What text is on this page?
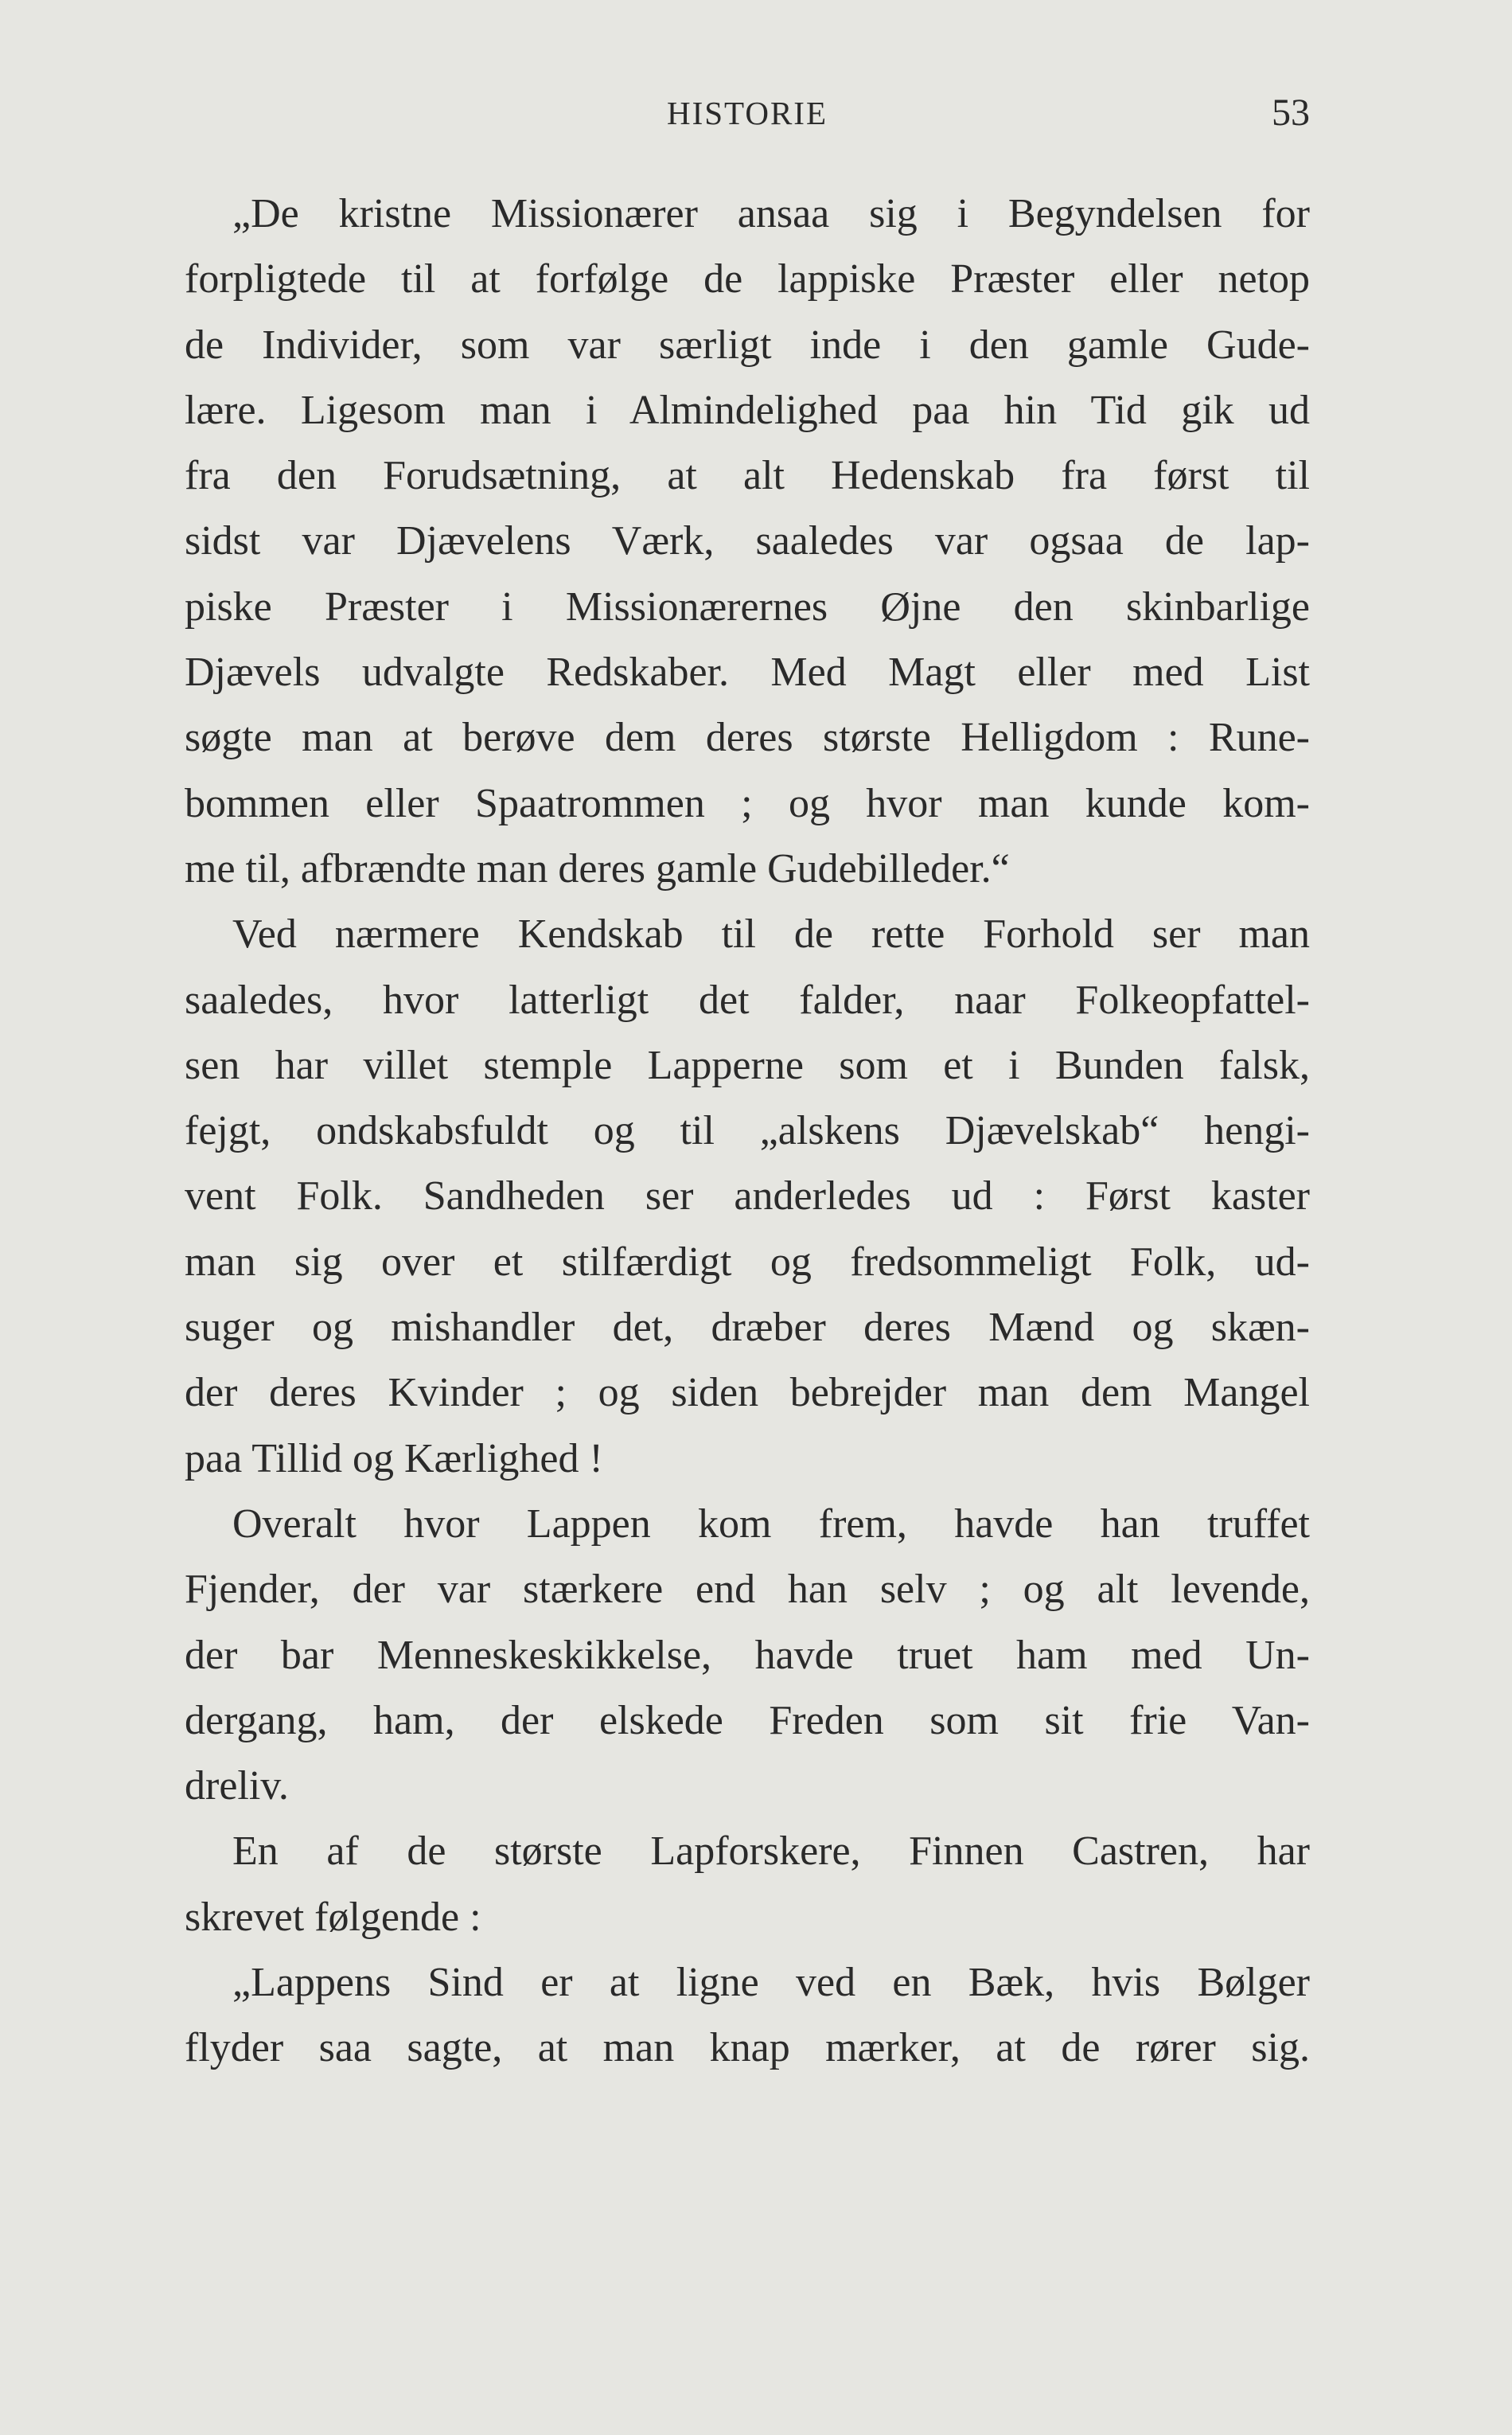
HISTORIE	53
„De kristne Missionærer ansaa sig i Begyndelsen for
forpligtede til at forfølge de lappiske Præster eller netop
de Individer, som var særligt inde i den gamle Gude-
lære. Ligesom man i Almindelighed paa hin Tid gik ud
fra den Forudsætning, at alt Hedenskab fra først til
sidst var Djævelens Værk, saaledes var ogsaa de lap-
piske Præster i Missionærernes Øjne den skinbarlige
Djævels udvalgte Redskaber. Med Magt eller med List
søgte man at berøve dem deres største Helligdom : Rune-
bommen eller Spaatrommen ; og hvor man kunde kom-
me til, afbrændte man deres gamle Gudebilleder.“
Ved nærmere Kendskab til de rette Forhold ser man
saaledes, hvor latterligt det falder, naar Folkeopfattel-
sen har villet stemple Lapperne som et i Bunden falsk,
fejgt, ondskabsfuldt og til „alskens Djævelskab“ hengi-
vent Folk. Sandheden ser anderledes ud : Først kaster
man sig over et stilfærdigt og fredsommeligt Folk, ud-
suger og mishandler det, dræber deres Mænd og skæn-
der deres Kvinder ; og siden bebrejder man dem Mangel
paa Tillid og Kærlighed !
Overalt hvor Lappen kom frem, havde han truffet
Fjender, der var stærkere end han selv ; og alt levende,
der bar Menneskeskikkelse, havde truet ham med Un-
dergang, ham, der elskede Freden som sit frie Van-
dreliv.
En af de største Lapforskere, Finnen Castren, har
skrevet følgende :
„Lappens Sind er at ligne ved en Bæk, hvis Bølger
flyder saa sagte, at man knap mærker, at de rører sig.
